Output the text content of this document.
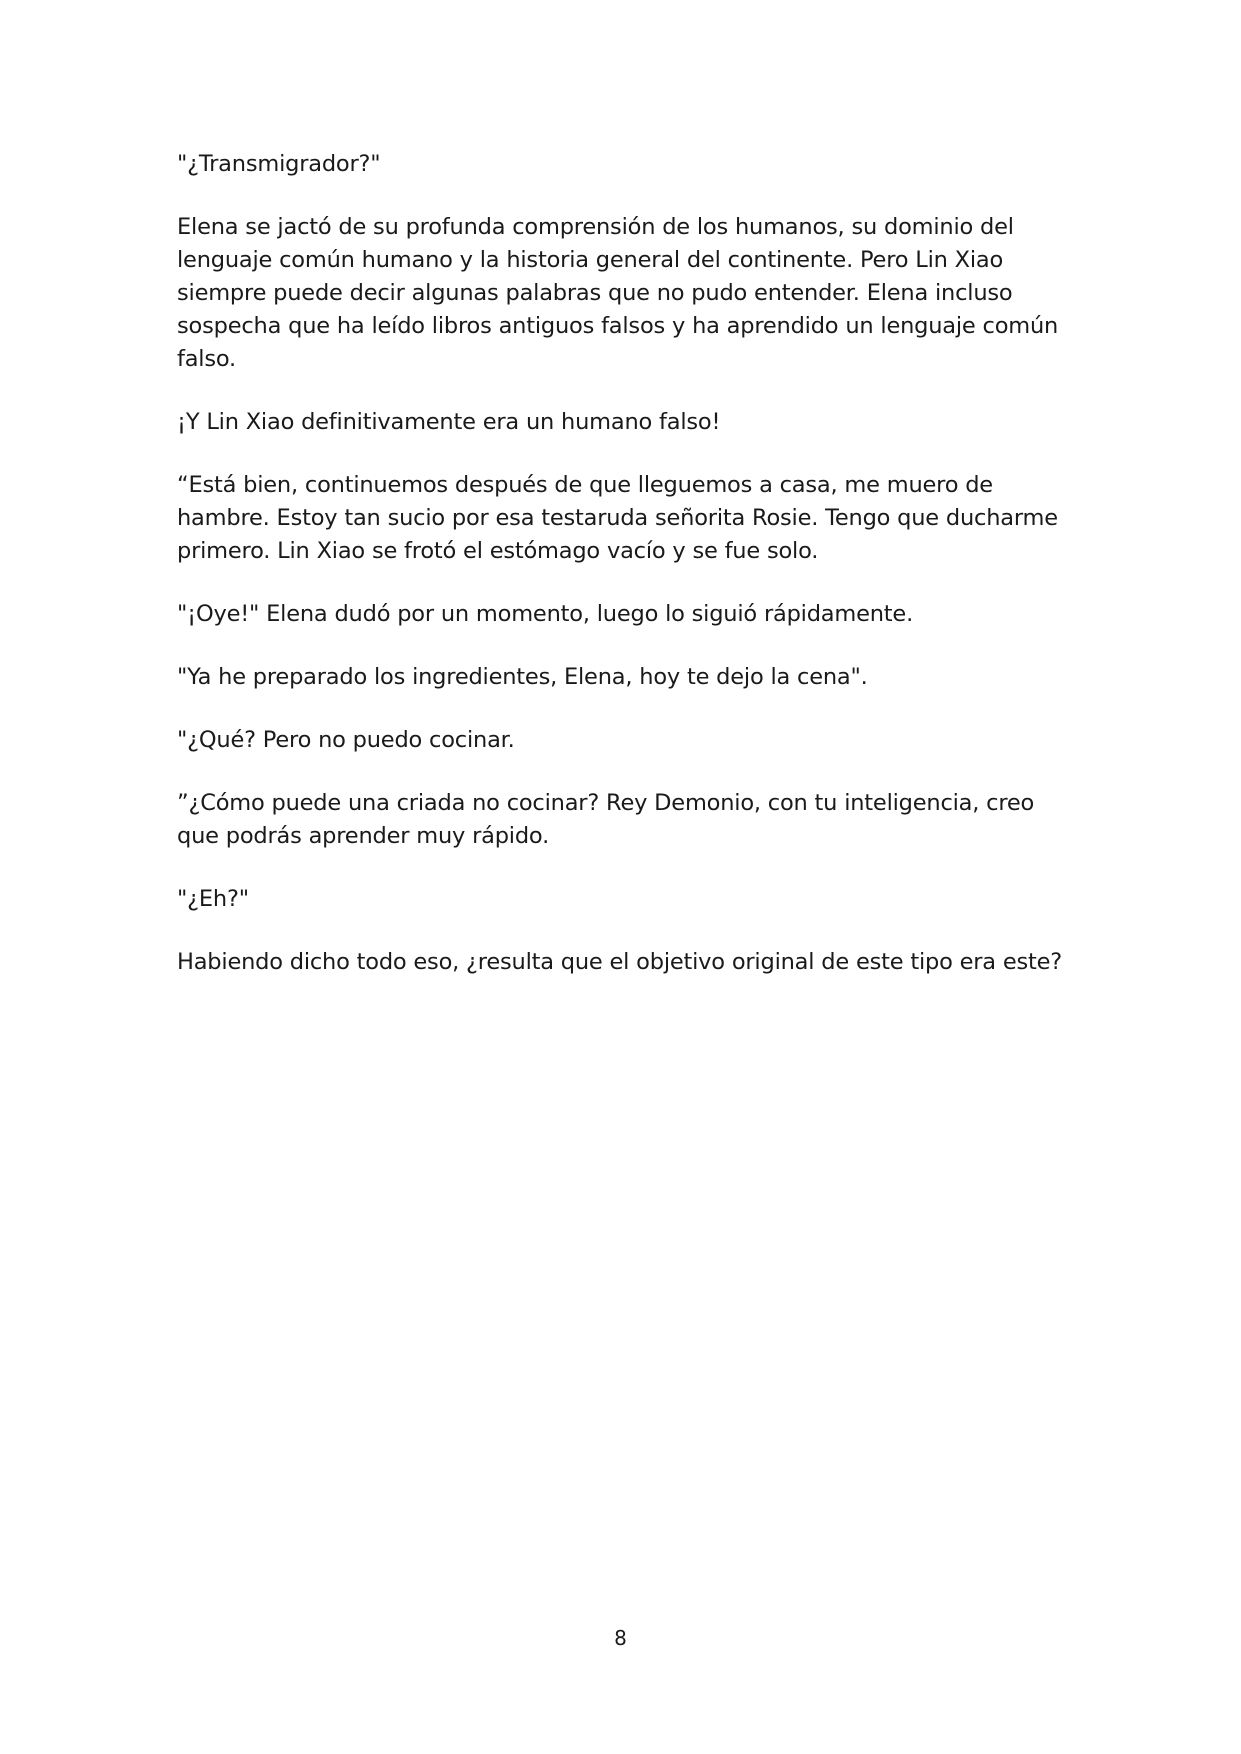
"¿Transmigrador?"

Elena se jactó de su profunda comprensión de los humanos, su dominio del lenguaje común humano y la historia general del continente. Pero Lin Xiao siempre puede decir algunas palabras que no pudo entender. Elena incluso sospecha que ha leído libros antiguos falsos y ha aprendido un lenguaje común falso.

¡Y Lin Xiao definitivamente era un humano falso!

“Está bien, continuemos después de que lleguemos a casa, me muero de hambre. Estoy tan sucio por esa testaruda señorita Rosie. Tengo que ducharme primero. Lin Xiao se frotó el estómago vacío y se fue solo.

"¡Oye!" Elena dudó por un momento, luego lo siguió rápidamente.

"Ya he preparado los ingredientes, Elena, hoy te dejo la cena".

"¿Qué? Pero no puedo cocinar.

”¿Cómo puede una criada no cocinar? Rey Demonio, con tu inteligencia, creo que podrás aprender muy rápido.

"¿Eh?"

Habiendo dicho todo eso, ¿resulta que el objetivo original de este tipo era este?

8
